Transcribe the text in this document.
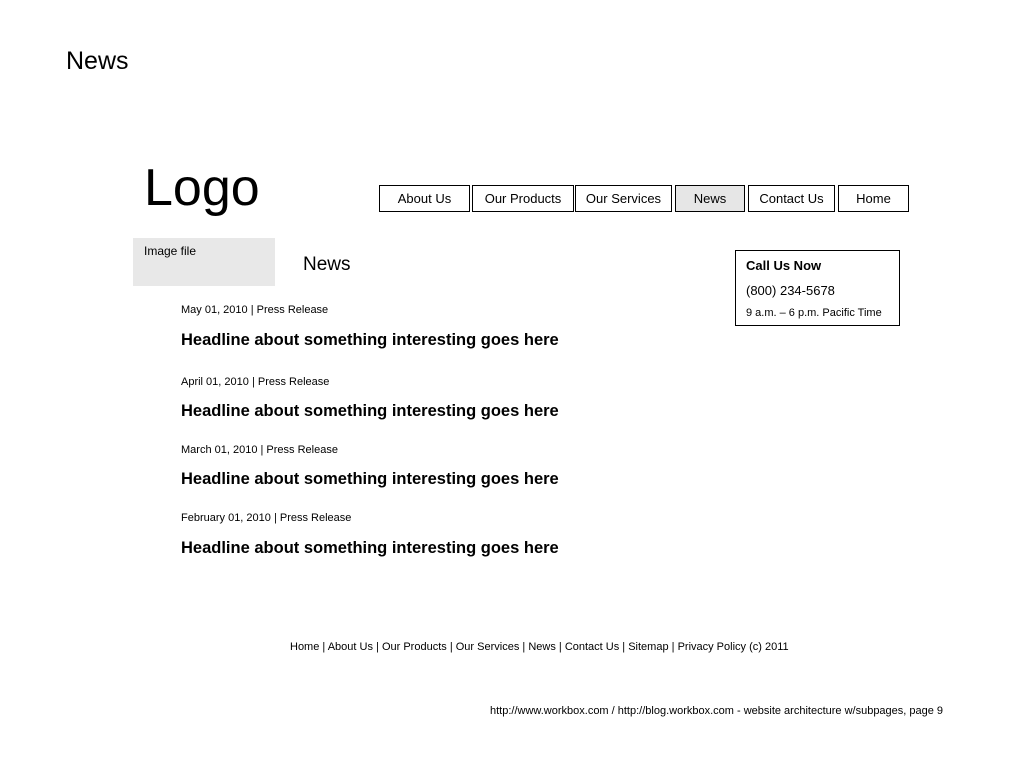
News
Logo	About Us	Our Products	Our Services	News	Contact Us	Home
Image file
News	Call Us Now
(800) 234-5678
9 a.m. – 6 p.m. Pacific Time
May 01, 2010 | Press Release
Headline about something interesting goes here
April 01, 2010 | Press Release
Headline about something interesting goes here
March 01, 2010 | Press Release
Headline about something interesting goes here
February 01, 2010 | Press Release
Headline about something interesting goes here
Home | About Us | Our Products | Our Services | News | Contact Us | Sitemap | Privacy Policy (c) 2011
http://www.workbox.com / http://blog.workbox.com - website architecture w/subpages, page 9
